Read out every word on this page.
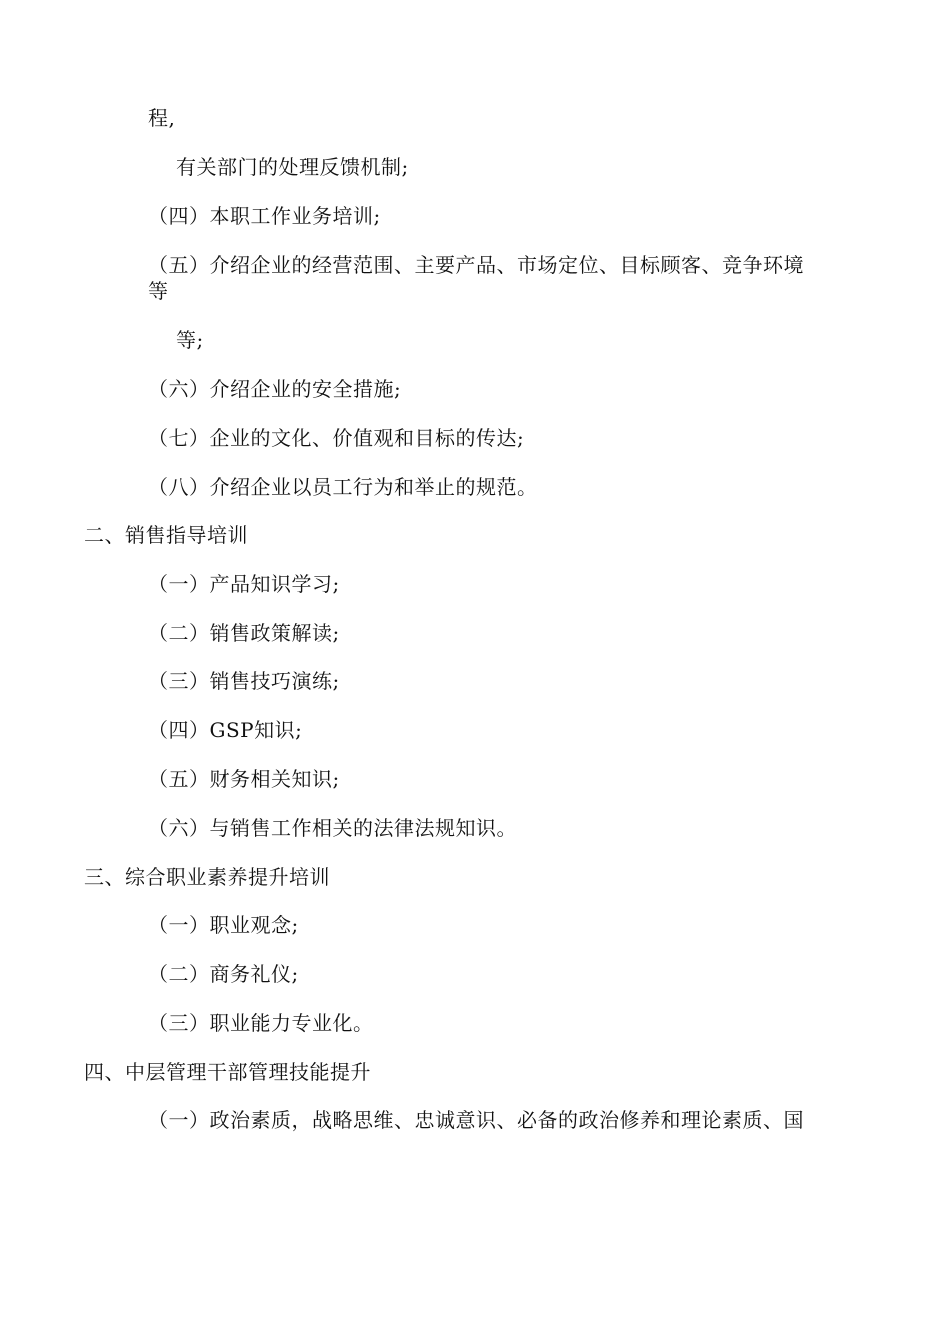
程,
有关部门的处理反馈机制;
（四）本职工作业务培训;
（五）介绍企业的经营范围、主要产品、市场定位、目标顾客、竞争环境
等
等;
（六）介绍企业的安全措施;
（七）企业的文化、价值观和目标的传达;
（八）介绍企业以员工行为和举止的规范。
二、销售指导培训
（一）产品知识学习;
（二）销售政策解读;
（三）销售技巧演练;
（四）GSP知识;
（五）财务相关知识;
（六）与销售工作相关的法律法规知识。
三、综合职业素养提升培训
（一）职业观念;
（二）商务礼仪;
（三）职业能力专业化。
四、中层管理干部管理技能提升
（一）政治素质，战略思维、忠诚意识、必备的政治修养和理论素质、国
